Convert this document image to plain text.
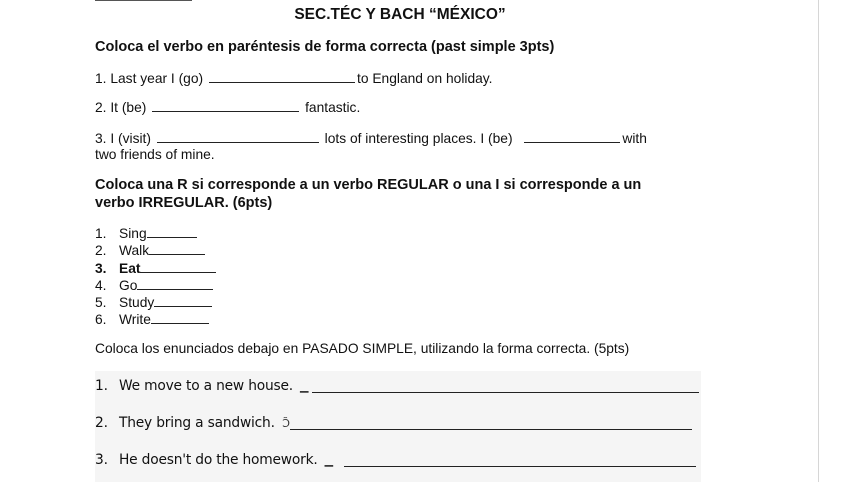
SEC.TÉC Y BACH “MÉXICO”
Coloca el verbo en paréntesis de forma correcta (past simple 3pts)
1. Last year I (go)	to England on holiday.
2. It (be)	fantastic.
3. I (visit)	lots of interesting places. I (be)	with
two friends of mine.
Coloca una R si corresponde a un verbo REGULAR o una I si corresponde a un
verbo IRREGULAR. (6pts)
1. Sing
2. Walk
3. Eat
4. Go
5. Study
6. Write
Coloca los enunciados debajo en PASADO SIMPLE, utilizando la forma correcta. (5pts)
1. We move to a new house. ▁
2. They bring a sandwich. Ɔ̃
3. He doesn't do the homework. ▁
